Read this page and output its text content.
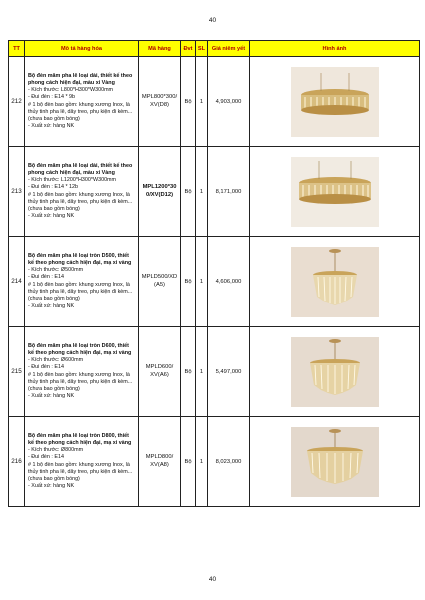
40
TT	Mô tả hàng hóa	Mã hàng	Đvt	SL	Giá niêm yết	Hình ảnh
212	Bộ đèn mâm pha lê loại dài, thiết kế theo phong cách hiện đại, màu xi Vàng
- Kích thước: L800*H300*W300mm
- Đui đèn : E14 * 9b
# 1 bộ đèn bao gồm: khung xương Inox, là thủy tinh pha lê, dây treo, phụ kiện đi kèm...(chưa bao gồm bóng)
- Xuất xứ: hàng NK	MPL800*300/ XV(D8)	Bộ	1	4,903,000	

213	Bộ đèn mâm pha lê loại dài, thiết kế theo phong cách hiện đại, màu xi Vàng
- Kích thước: L1200*H300*W300mm
- Đui đèn : E14 * 12b
# 1 bộ đèn bao gồm: khung xương Inox, là thủy tinh pha lê, dây treo, phụ kiện đi kèm...(chưa bao gồm bóng)
- Xuất xứ: hàng NK	MPL1200*30 0/XV(D12)	Bộ	1	8,171,000	

214	Bộ đèn mâm pha lê loại tròn D500, thiết kế theo phong cách hiện đại, mạ xi vàng
- Kích thước: Ø500mm
- Đui đèn : E14
# 1 bộ đèn bao gồm: khung xương Inox, là thủy tinh pha lê, dây treo, phụ kiện đi kèm...(chưa bao gồm bóng)
- Xuất xứ: hàng NK	MPLD500/XD (A5)	Bộ	1	4,606,000	

215	Bộ đèn mâm pha lê loại tròn D600, thiết kế theo phong cách hiện đại, mạ xi vàng
- Kích thước: Ø600mm
- Đui đèn : E14
# 1 bộ đèn bao gồm: khung xương Inox, là thủy tinh pha lê, dây treo, phụ kiện đi kèm...(chưa bao gồm bóng)
- Xuất xứ: hàng NK	MPLD600/ XV(A6)	Bộ	1	5,497,000	

216	Bộ đèn mâm pha lê loại tròn D800, thiết kế theo phong cách hiện đại, mạ xi vàng
- Kích thước: Ø800mm
- Đui đèn : E14
# 1 bộ đèn bao gồm: khung xương Inox, là thủy tinh pha lê, dây treo, phụ kiện đi kèm...(chưa bao gồm bóng)
- Xuất xứ: hàng NK	MPLD800/ XV(A8)	Bộ	1	8,023,000	
40
